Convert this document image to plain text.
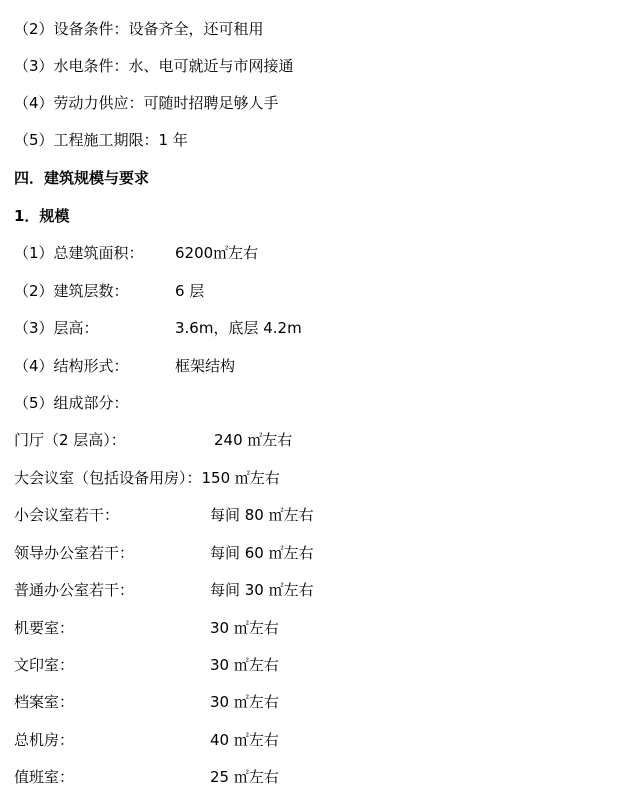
（2）设备条件：设备齐全，还可租用
（3）水电条件：水、电可就近与市网接通
（4）劳动力供应：可随时招聘足够人手
（5）工程施工期限：1 年
四．建筑规模与要求
1．规模
（1）总建筑面积： 6200㎡左右
（2）建筑层数：	6 层
（3）层高：	3.6m，底层 4.2m
（4）结构形式：	框架结构
（5）组成部分：
门厅（2 层高）：	240 ㎡左右
大会议室（包括设备用房）：150 ㎡左右
小会议室若干：	每间 80 ㎡左右
领导办公室若干：	每间 60 ㎡左右
普通办公室若干：	每间 30 ㎡左右
机要室：	30 ㎡左右
文印室：	30 ㎡左右
档案室：	30 ㎡左右
总机房：	40 ㎡左右
值班室：	25 ㎡左右
